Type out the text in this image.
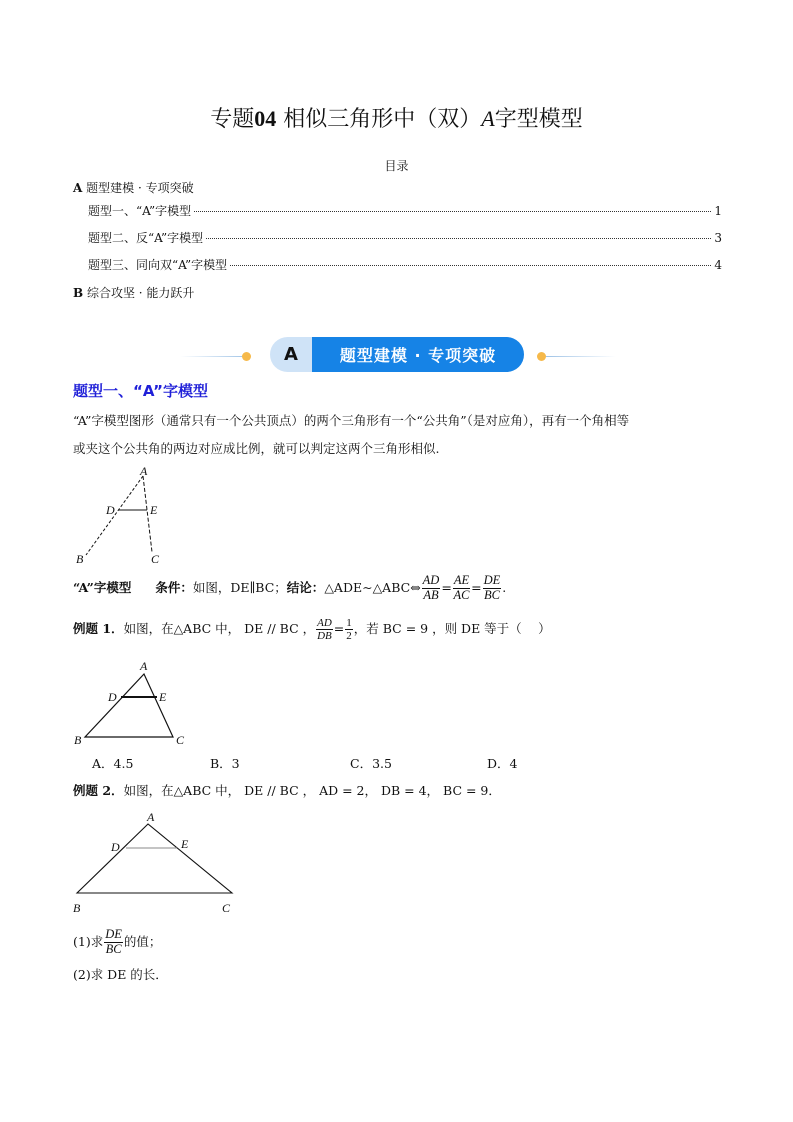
专题04 相似三角形中（双）A字型模型
目录
A 题型建模 · 专项突破
题型一、“A”字模型	1
题型二、反“A”字模型	3
题型三、同向双“A”字模型	4
B 综合攻坚 · 能力跃升
A	题型建模 · 专项突破
题型一、“A”字模型
“A”字模型图形（通常只有一个公共顶点）的两个三角形有一个“公共角”（是对应角），再有一个角相等
或夹这个公共角的两边对应成比例，就可以判定这两个三角形相似.
A
D	E
B	C
A
D	E
B	C
A
D	E
B	C
“A”字模型 条件：如图，DE∥BC；结论：△ADE∼△ABC⇔ $\frac{AD}{AB} = \frac{AE}{AC} = \frac{DE}{BC}$ .
例题 1．如图，在△ABC 中， DE // BC ， $\frac{AD}{DB} = \frac{1}{2}$ ，若 BC = 9 ，则 DE 等于（　 ）
A．4.5	B．3	C．3.5	D．4
例题 2．如图，在△ABC 中， DE // BC ， AD = 2， DB = 4， BC = 9．
(1)求 $\frac{DE}{BC}$ 的值；
(2)求 DE 的长．
